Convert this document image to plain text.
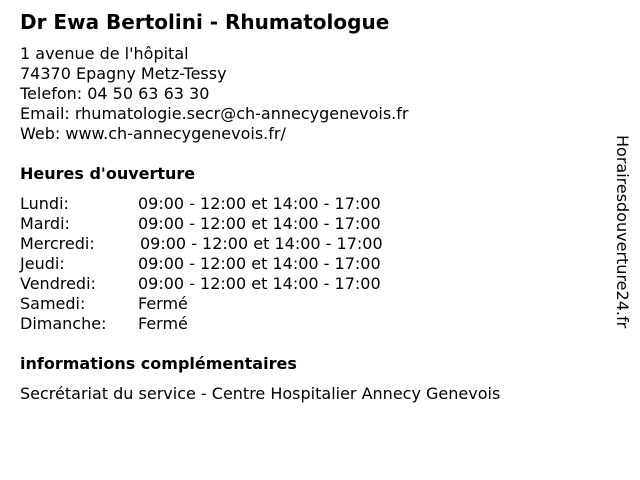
Dr Ewa Bertolini - Rhumatologue
1 avenue de l'hôpital
74370 Epagny Metz-Tessy
Telefon: 04 50 63 63 30
Email: rhumatologie.secr@ch-annecygenevois.fr
Web: www.ch-annecygenevois.fr/
Heures d'ouverture
Lundi:	09:00 - 12:00 et 14:00 - 17:00
Mardi:	09:00 - 12:00 et 14:00 - 17:00
Mercredi:	09:00 - 12:00 et 14:00 - 17:00
Jeudi:	09:00 - 12:00 et 14:00 - 17:00
Vendredi:	09:00 - 12:00 et 14:00 - 17:00
Samedi:	Fermé
Dimanche: Fermé
informations complémentaires
Secrétariat du service - Centre Hospitalier Annecy Genevois
Horairesdouverture24.fr
